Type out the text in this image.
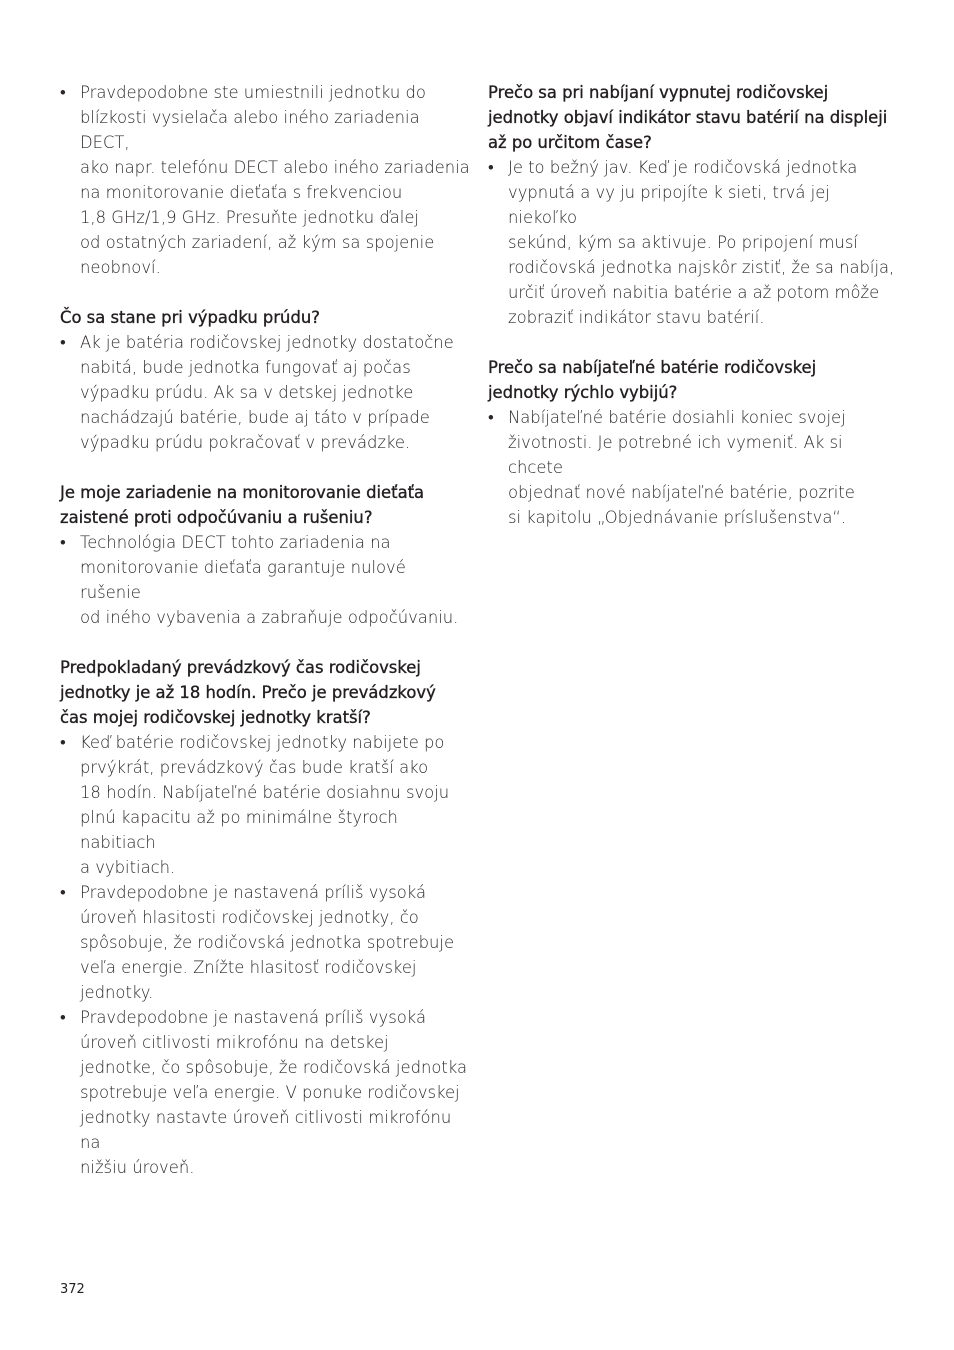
• Pravdepodobne ste umiestnili jednotku do
blízkosti vysielača alebo iného zariadenia DECT,
ako napr. telefónu DECT alebo iného zariadenia
na monitorovanie dieťaťa s frekvenciou
1,8 GHz/1,9 GHz. Presuňte jednotku ďalej
od ostatných zariadení, až kým sa spojenie
neobnoví.
Čo sa stane pri výpadku prúdu?
• Ak je batéria rodičovskej jednotky dostatočne
nabitá, bude jednotka fungovať aj počas
výpadku prúdu. Ak sa v detskej jednotke
nachádzajú batérie, bude aj táto v prípade
výpadku prúdu pokračovať v prevádzke.
Je moje zariadenie na monitorovanie dieťaťa
zaistené proti odpočúvaniu a rušeniu?
• Technológia DECT tohto zariadenia na
monitorovanie dieťaťa garantuje nulové rušenie
od iného vybavenia a zabraňuje odpočúvaniu.
Predpokladaný prevádzkový čas rodičovskej
jednotky je až 18 hodín. Prečo je prevádzkový
čas mojej rodičovskej jednotky kratší?
• Keď batérie rodičovskej jednotky nabijete po
prvýkrát, prevádzkový čas bude kratší ako
18 hodín. Nabíjateľné batérie dosiahnu svoju
plnú kapacitu až po minimálne štyroch nabitiach
a vybitiach.
• Pravdepodobne je nastavená príliš vysoká
úroveň hlasitosti rodičovskej jednotky, čo
spôsobuje, že rodičovská jednotka spotrebuje
veľa energie. Znížte hlasitosť rodičovskej
jednotky.
• Pravdepodobne je nastavená príliš vysoká
úroveň citlivosti mikrofónu na detskej
jednotke, čo spôsobuje, že rodičovská jednotka
spotrebuje veľa energie. V ponuke rodičovskej
jednotky nastavte úroveň citlivosti mikrofónu na
nižšiu úroveň.
Prečo sa pri nabíjaní vypnutej rodičovskej
jednotky objaví indikátor stavu batérií na displeji
až po určitom čase?
• Je to bežný jav. Keď je rodičovská jednotka
vypnutá a vy ju pripojíte k sieti, trvá jej niekoľko
sekúnd, kým sa aktivuje. Po pripojení musí
rodičovská jednotka najskôr zistiť, že sa nabíja,
určiť úroveň nabitia batérie a až potom môže
zobraziť indikátor stavu batérií.
Prečo sa nabíjateľné batérie rodičovskej
jednotky rýchlo vybijú?
• Nabíjateľné batérie dosiahli koniec svojej
životnosti. Je potrebné ich vymeniť. Ak si chcete
objednať nové nabíjateľné batérie, pozrite
si kapitolu „Objednávanie príslušenstva“.
372
